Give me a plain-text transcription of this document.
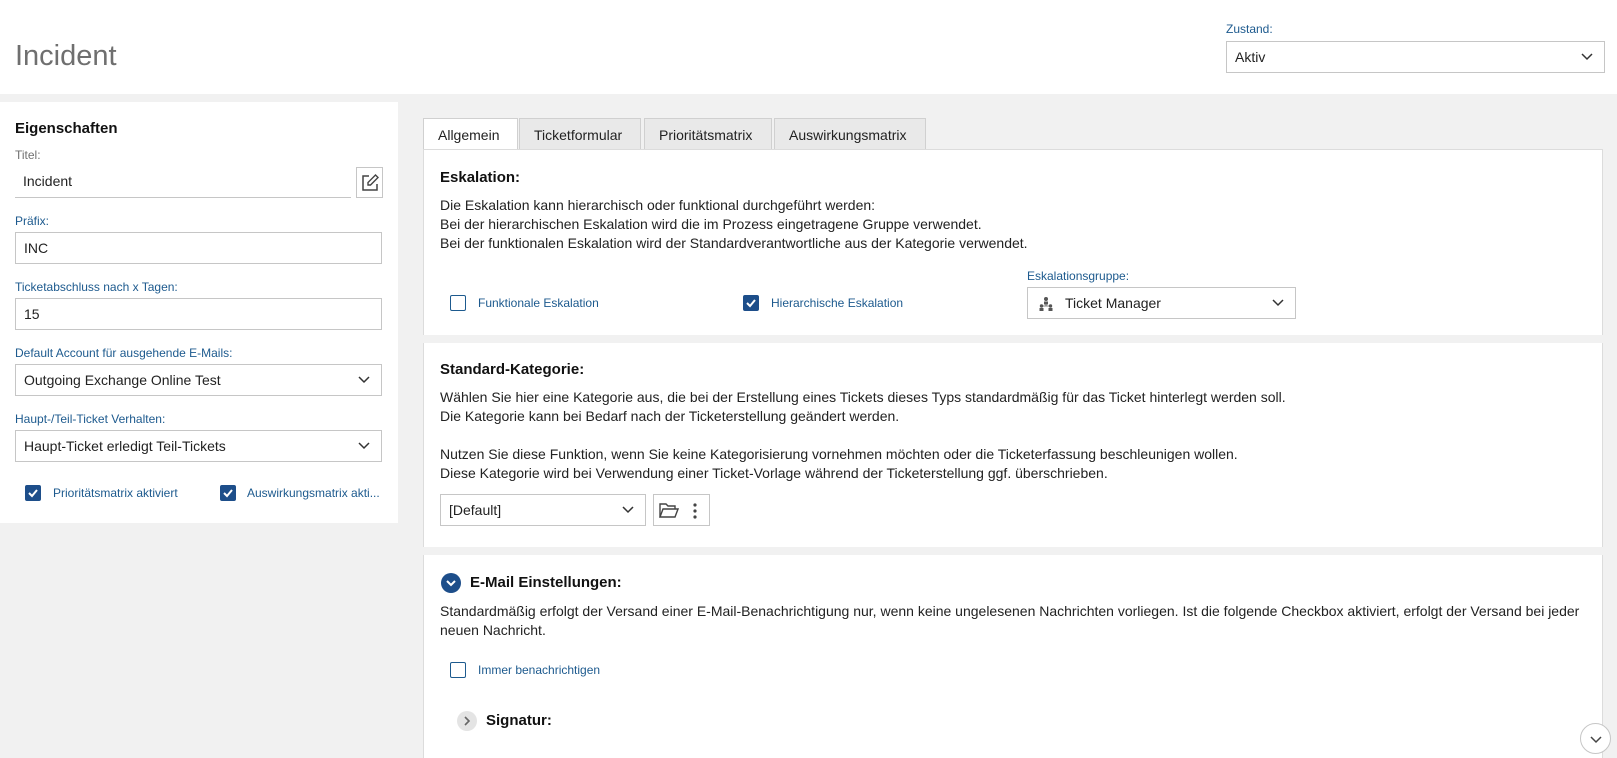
Incident
Zustand:
Aktiv
Eigenschaften
Titel:
Incident
Präfix:
INC
Ticketabschluss nach x Tagen:
15
Default Account für ausgehende E-Mails:
Outgoing Exchange Online Test
Haupt-/Teil-Ticket Verhalten:
Haupt-Ticket erledigt Teil-Tickets
Prioritätsmatrix aktiviert	Auswirkungsmatrix akti...
Allgemein	Ticketformular	Prioritätsmatrix	Auswirkungsmatrix
Eskalation:
Die Eskalation kann hierarchisch oder funktional durchgeführt werden:
Bei der hierarchischen Eskalation wird die im Prozess eingetragene Gruppe verwendet.
Bei der funktionalen Eskalation wird der Standardverantwortliche aus der Kategorie verwendet.
Funktionale Eskalation	Hierarchische Eskalation
Eskalationsgruppe:
Ticket Manager
Standard-Kategorie:
Wählen Sie hier eine Kategorie aus, die bei der Erstellung eines Tickets dieses Typs standardmäßig für das Ticket hinterlegt werden soll.
Die Kategorie kann bei Bedarf nach der Ticketerstellung geändert werden.
Nutzen Sie diese Funktion, wenn Sie keine Kategorisierung vornehmen möchten oder die Ticketerfassung beschleunigen wollen.
Diese Kategorie wird bei Verwendung einer Ticket-Vorlage während der Ticketerstellung ggf. überschrieben.
[Default]
E-Mail Einstellungen:
Standardmäßig erfolgt der Versand einer E-Mail-Benachrichtigung nur, wenn keine ungelesenen Nachrichten vorliegen. Ist die folgende Checkbox aktiviert, erfolgt der Versand bei jeder
neuen Nachricht.
Immer benachrichtigen
Signatur:
